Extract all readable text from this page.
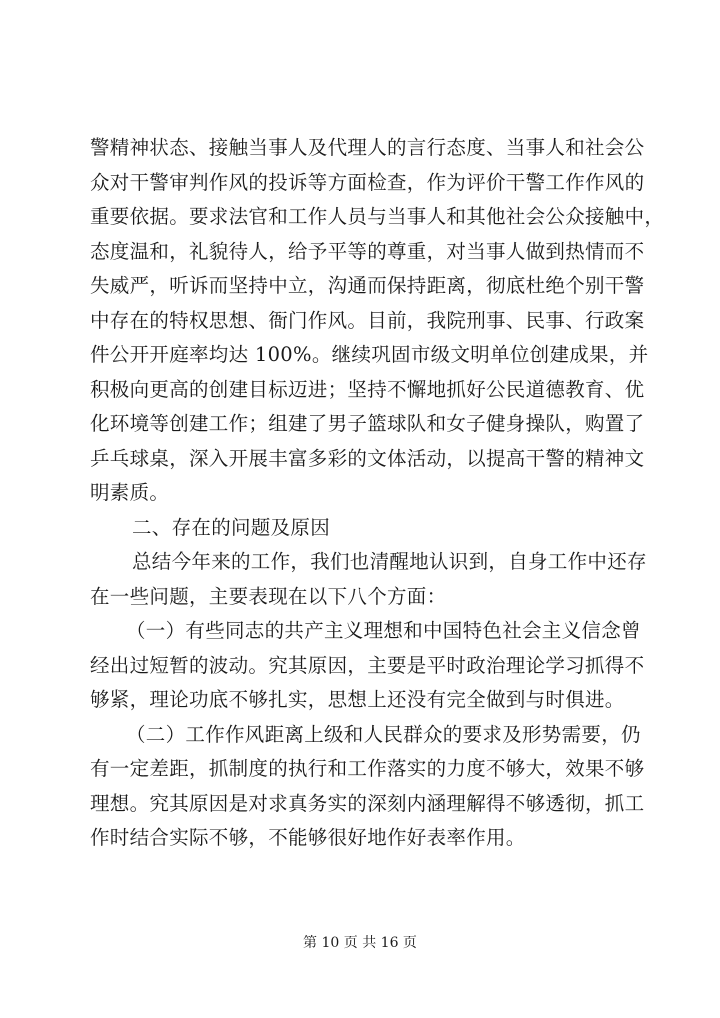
警精神状态、接触当事人及代理人的言行态度、当事人和社会公
众对干警审判作风的投诉等方面检查，作为评价干警工作作风的
重要依据。要求法官和工作人员与当事人和其他社会公众接触中，
态度温和，礼貌待人，给予平等的尊重，对当事人做到热情而不
失威严，听诉而坚持中立，沟通而保持距离，彻底杜绝个别干警
中存在的特权思想、衙门作风。目前，我院刑事、民事、行政案
件公开开庭率均达 100%。继续巩固市级文明单位创建成果，并
积极向更高的创建目标迈进；坚持不懈地抓好公民道德教育、优
化环境等创建工作；组建了男子篮球队和女子健身操队，购置了
乒乓球桌，深入开展丰富多彩的文体活动，以提高干警的精神文
明素质。
二、存在的问题及原因
总结今年来的工作，我们也清醒地认识到，自身工作中还存
在一些问题，主要表现在以下八个方面：
（一）有些同志的共产主义理想和中国特色社会主义信念曾
经出过短暂的波动。究其原因，主要是平时政治理论学习抓得不
够紧，理论功底不够扎实，思想上还没有完全做到与时俱进。
（二）工作作风距离上级和人民群众的要求及形势需要，仍
有一定差距，抓制度的执行和工作落实的力度不够大，效果不够
理想。究其原因是对求真务实的深刻内涵理解得不够透彻，抓工
作时结合实际不够，不能够很好地作好表率作用。
第 10 页 共 16 页
